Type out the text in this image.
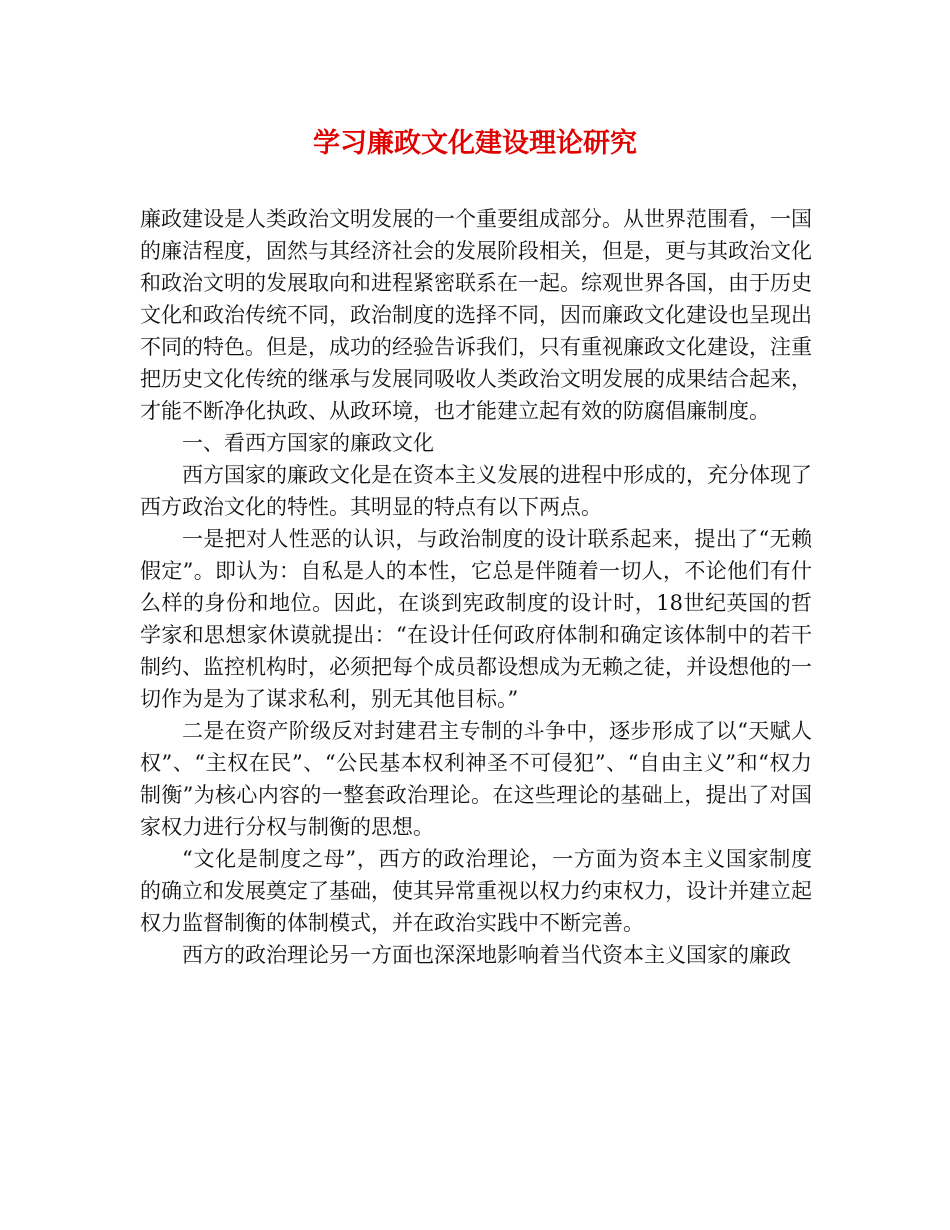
学习廉政文化建设理论研究

廉政建设是人类政治文明发展的一个重要组成部分。从世界范围看，一国的廉洁程度，固然与其经济社会的发展阶段相关，但是，更与其政治文化和政治文明的发展取向和进程紧密联系在一起。综观世界各国，由于历史文化和政治传统不同，政治制度的选择不同，因而廉政文化建设也呈现出不同的特色。但是，成功的经验告诉我们，只有重视廉政文化建设，注重把历史文化传统的继承与发展同吸收人类政治文明发展的成果结合起来，才能不断净化执政、从政环境，也才能建立起有效的防腐倡廉制度。

一、看西方国家的廉政文化

西方国家的廉政文化是在资本主义发展的进程中形成的，充分体现了西方政治文化的特性。其明显的特点有以下两点。

一是把对人性恶的认识，与政治制度的设计联系起来，提出了“无赖假定”。即认为：自私是人的本性，它总是伴随着一切人，不论他们有什么样的身份和地位。因此，在谈到宪政制度的设计时，18世纪英国的哲学家和思想家休谟就提出：“在设计任何政府体制和确定该体制中的若干制约、监控机构时，必须把每个成员都设想成为无赖之徒，并设想他的一切作为是为了谋求私利，别无其他目标。”

二是在资产阶级反对封建君主专制的斗争中，逐步形成了以“天赋人权”、“主权在民”、“公民基本权利神圣不可侵犯”、“自由主义”和“权力制衡”为核心内容的一整套政治理论。在这些理论的基础上，提出了对国家权力进行分权与制衡的思想。

“文化是制度之母”，西方的政治理论，一方面为资本主义国家制度的确立和发展奠定了基础，使其异常重视以权力约束权力，设计并建立起权力监督制衡的体制模式，并在政治实践中不断完善。

西方的政治理论另一方面也深深地影响着当代资本主义国家的廉政
